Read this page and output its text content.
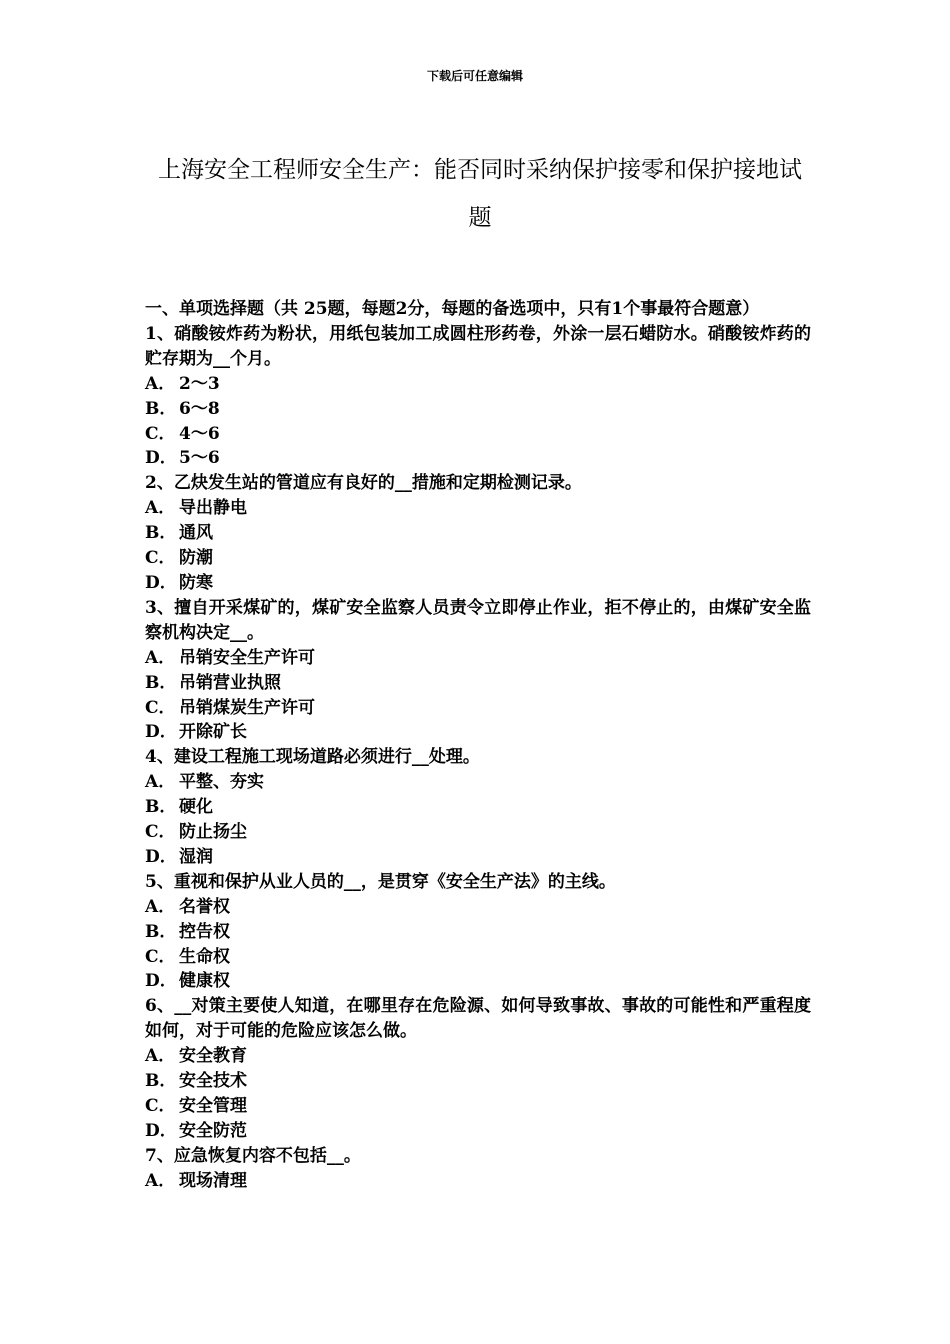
下载后可任意编辑
上海安全工程师安全生产：能否同时采纳保护接零和保护接地试题

一、单项选择题（共 25题，每题2分，每题的备选项中，只有1个事最符合题意）

1、硝酸铵炸药为粉状，用纸包装加工成圆柱形药卷，外涂一层石蜡防水。硝酸铵炸药的贮存期为__个月。

A． 2～3

B． 6～8

C． 4～6

D． 5～6

2、乙炔发生站的管道应有良好的__措施和定期检测记录。

A． 导出静电

B． 通风

C． 防潮

D． 防寒

3、擅自开采煤矿的，煤矿安全监察人员责令立即停止作业，拒不停止的，由煤矿安全监察机构决定__。

A． 吊销安全生产许可

B． 吊销营业执照

C． 吊销煤炭生产许可

D． 开除矿长

4、建设工程施工现场道路必须进行__处理。

A． 平整、夯实

B． 硬化

C． 防止扬尘

D． 湿润

5、重视和保护从业人员的__，是贯穿《安全生产法》的主线。

A． 名誉权

B． 控告权

C． 生命权

D． 健康权

6、__对策主要使人知道，在哪里存在危险源、如何导致事故、事故的可能性和严重程度如何，对于可能的危险应该怎么做。

A． 安全教育

B． 安全技术

C． 安全管理

D． 安全防范

7、应急恢复内容不包括__。

A． 现场清理
